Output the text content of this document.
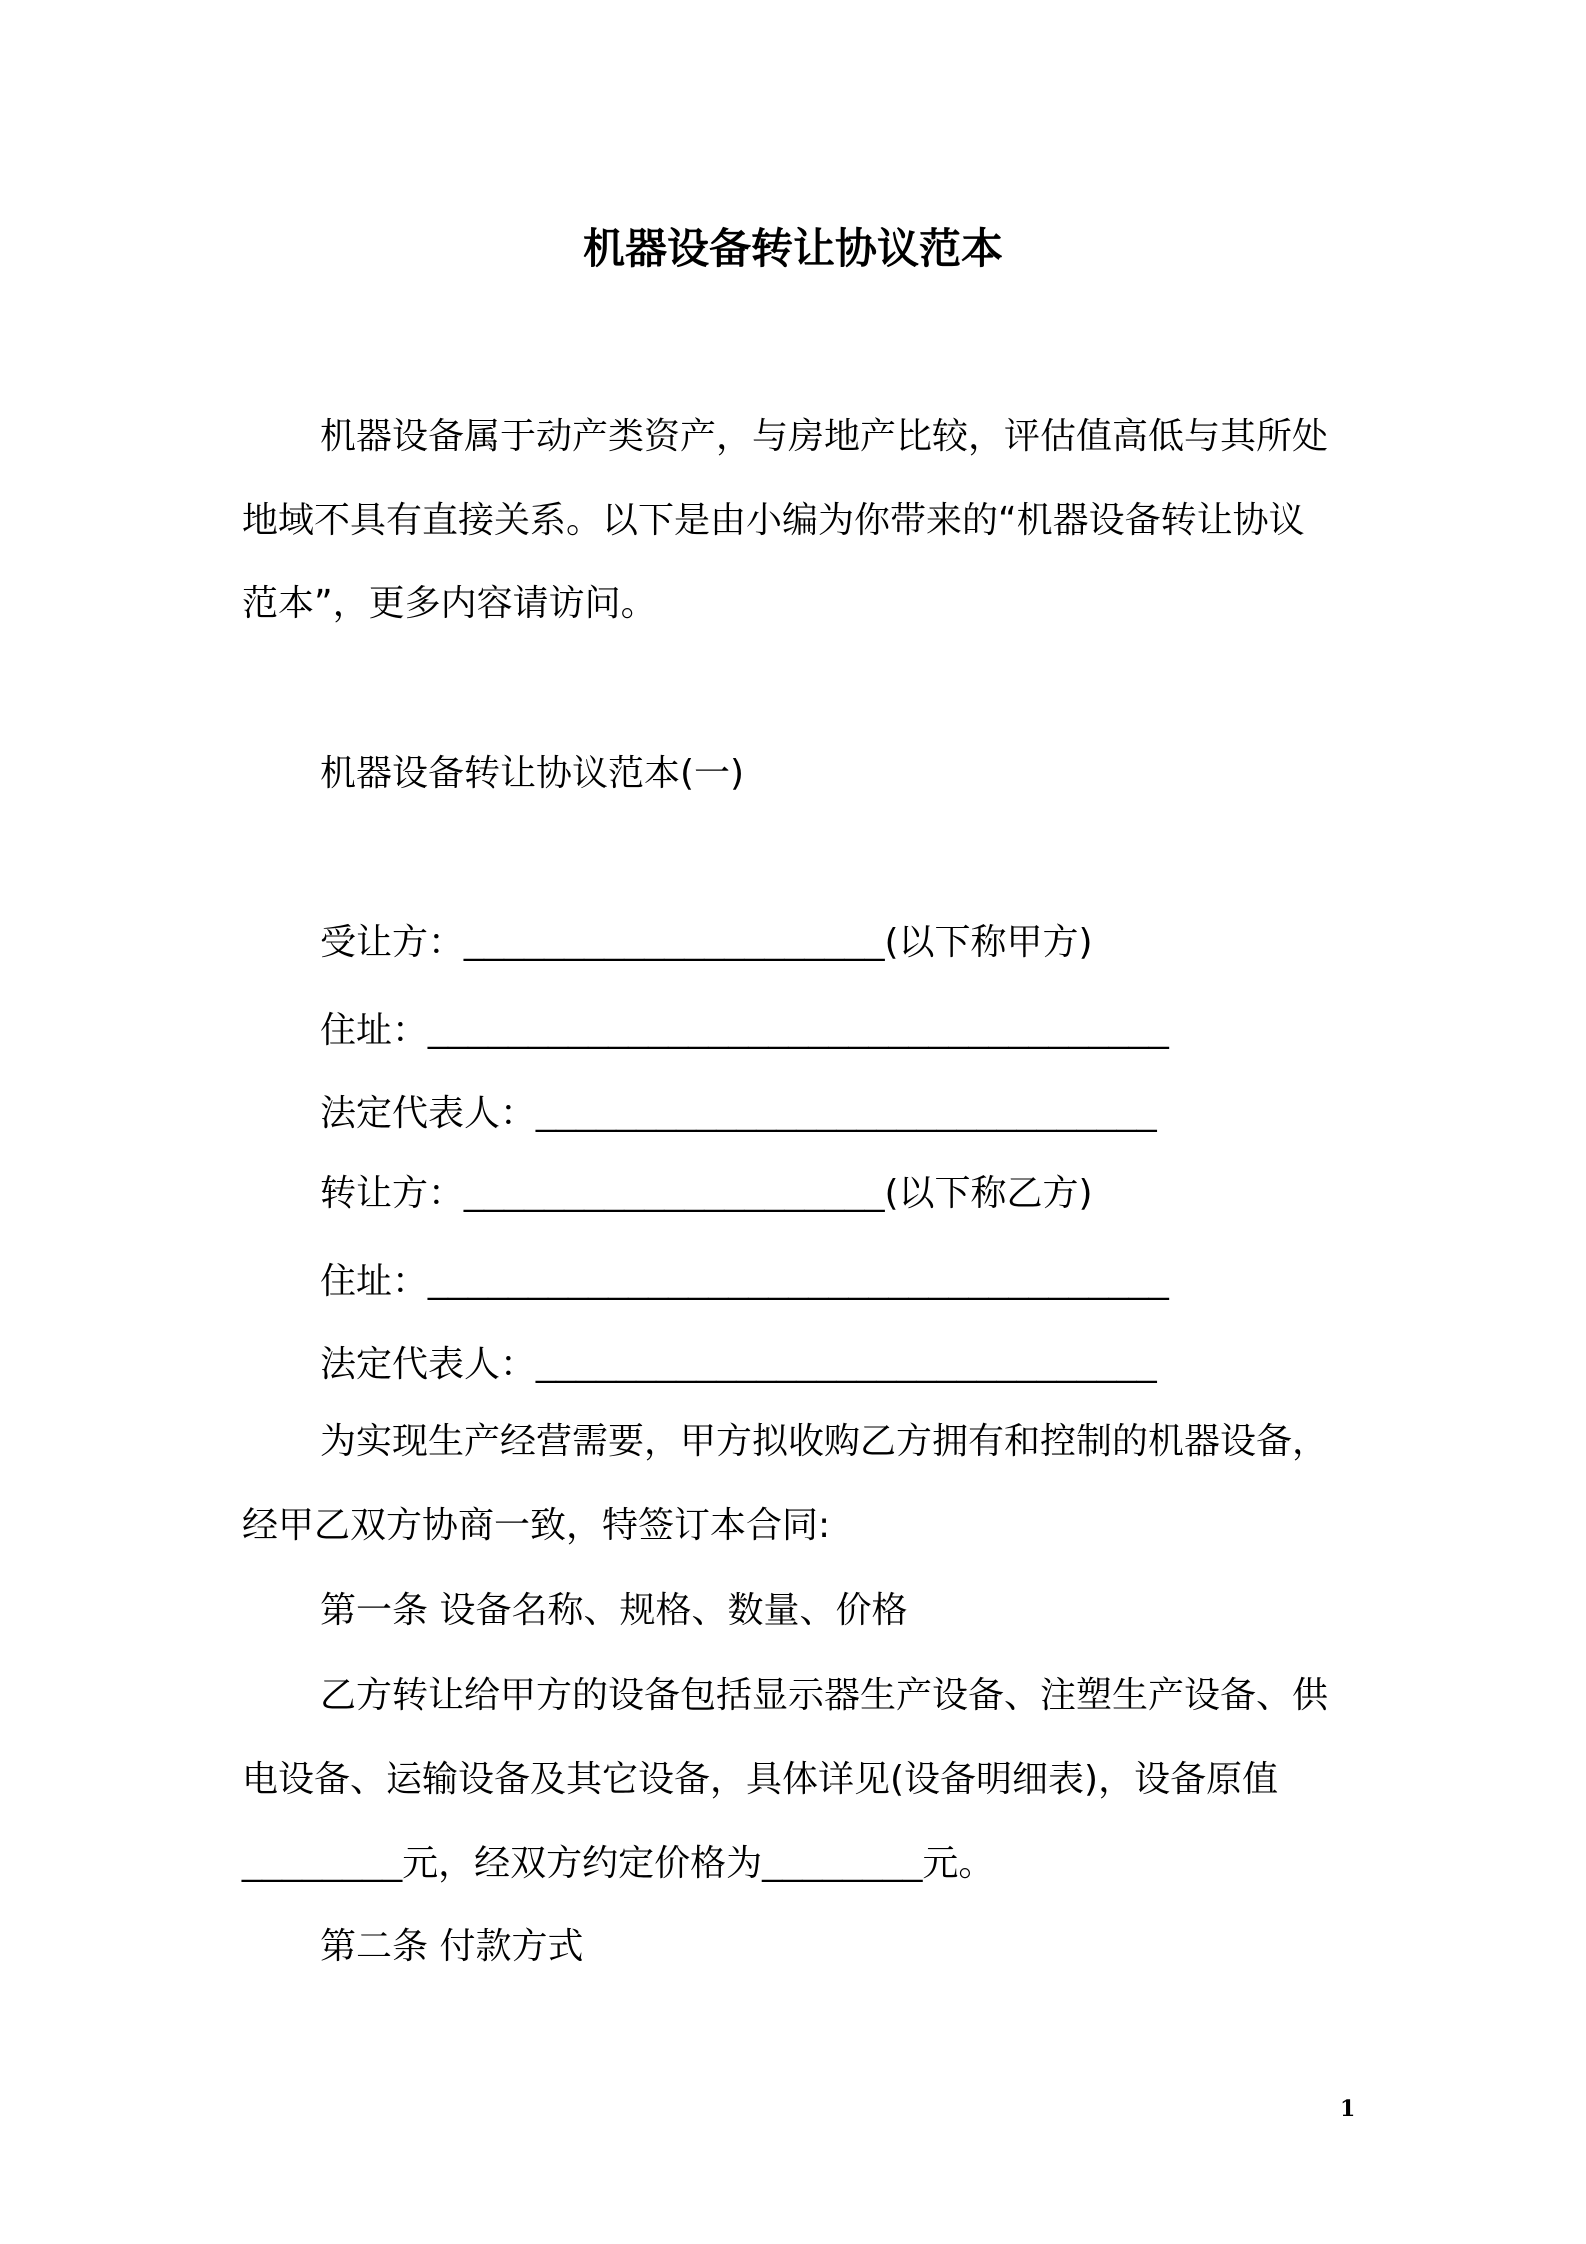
机器设备转让协议范本
机器设备属于动产类资产，与房地产比较，评估值高低与其所处
地域不具有直接关系。以下是由小编为你带来的“机器设备转让协议
范本”，更多内容请访问。
机器设备转让协议范本(一)
受让方：_____________________(以下称甲方)
住址：_____________________________________
法定代表人：_______________________________
转让方：_____________________(以下称乙方)
住址：_____________________________________
法定代表人：_______________________________
为实现生产经营需要，甲方拟收购乙方拥有和控制的机器设备，
经甲乙双方协商一致，特签订本合同:
第一条 设备名称、规格、数量、价格
乙方转让给甲方的设备包括显示器生产设备、注塑生产设备、供
电设备、运输设备及其它设备，具体详见(设备明细表)，设备原值
________元，经双方约定价格为________元。
第二条 付款方式
1
